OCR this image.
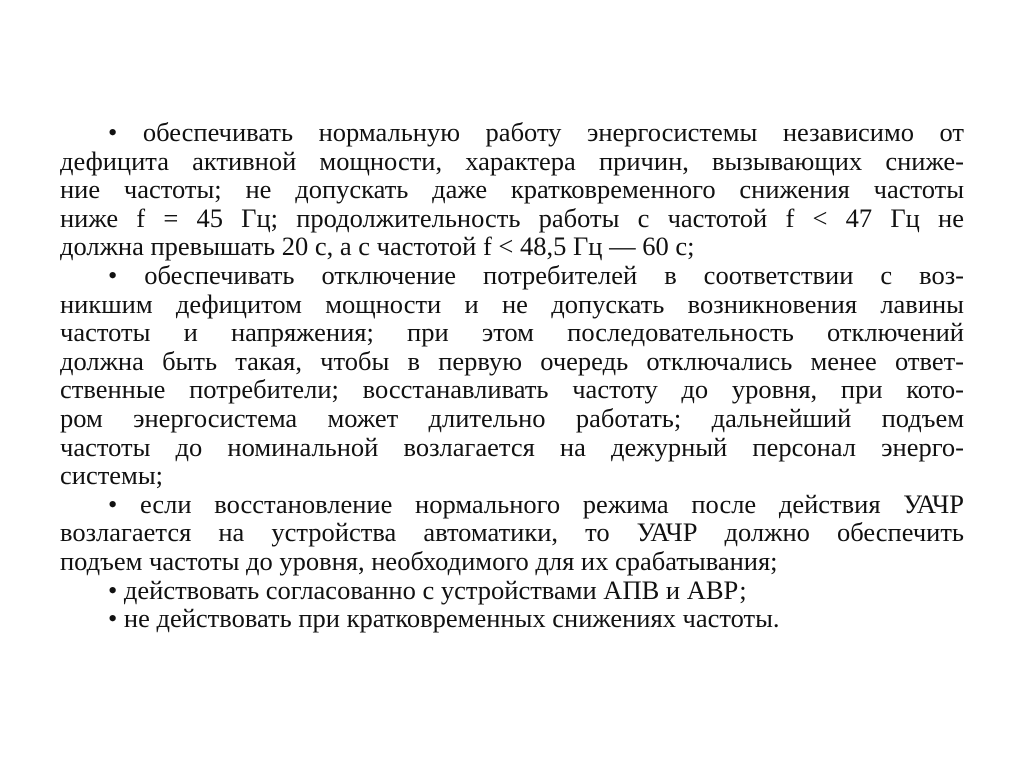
• обеспечивать нормальную работу энергосистемы независимо от
дефицита активной мощности, характера причин, вызывающих сниже-
ние частоты; не допускать даже кратковременного снижения частоты
ниже f = 45 Гц; продолжительность работы с частотой f < 47 Гц не
должна превышать 20 с, а с частотой f < 48,5 Гц — 60 с;
• обеспечивать отключение потребителей в соответствии с воз-
никшим дефицитом мощности и не допускать возникновения лавины
частоты и напряжения; при этом последовательность отключений
должна быть такая, чтобы в первую очередь отключались менее ответ-
ственные потребители; восстанавливать частоту до уровня, при кото-
ром энергосистема может длительно работать; дальнейший подъем
частоты до номинальной возлагается на дежурный персонал энерго-
системы;
• если восстановление нормального режима после действия УАЧР
возлагается на устройства автоматики, то УАЧР должно обеспечить
подъем частоты до уровня, необходимого для их срабатывания;
• действовать согласованно с устройствами АПВ и АВР;
• не действовать при кратковременных снижениях частоты.
